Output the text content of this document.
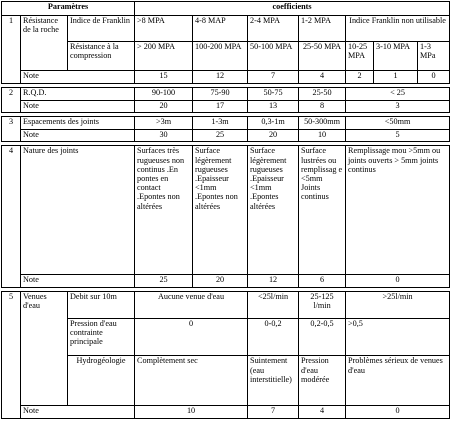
Paramètres			coefficients						
1	Résistance de la roche	Indice de Franklin	>8 MPA	4-8 MAP	2-4 MPA	1-2 MPA	Indice Franklin non utilisable		
		Résistance à la compression	> 200 MPA	100-200 MPA	50-100 MPA	25-50 MPA	10-25 MPA	3-10 MPA	1-3 MPa
	Note		15	12	7	4	2	1	0

2	R.Q.D.		90-100	75-90	50-75	25-50	< 25		
	Note		20	17	13	8	3		

3	Espacements des joints		>3m	1-3m	0,3-1m	50-300mm	<50mm		
	Note		30	25	20	10	5		

4	Nature des joints		Surfaces très rugueuses non continus .En pontes en contact .Epontes non altérées	Surface légèrement rugueuses .Epaisseur <1mm .Epontes non altérées	Surface légèrement rugueuses .Epaisseur <1mm .Epontes altérées	Surface lustrées ou remplissag e <5mm Joints continus	Remplissage mou >5mm ou joints ouverts > 5mm joints continus		
	Note		25	20	12	6	0		

5	Venues d'eau	Debit sur 10m	Aucune venue d'eau		<25l/min	25-125 l/min	>25l/min		
		Pression d'eau contrainte principale	0		0-0,2	0,2-0,5	>0,5		
		Hydrogéologie	Complètement sec		Suintement (eau interstitielle)	Pression d'eau modérée	Problèmes sérieux de venues d'eau		
	Note		10		7	4	0		
